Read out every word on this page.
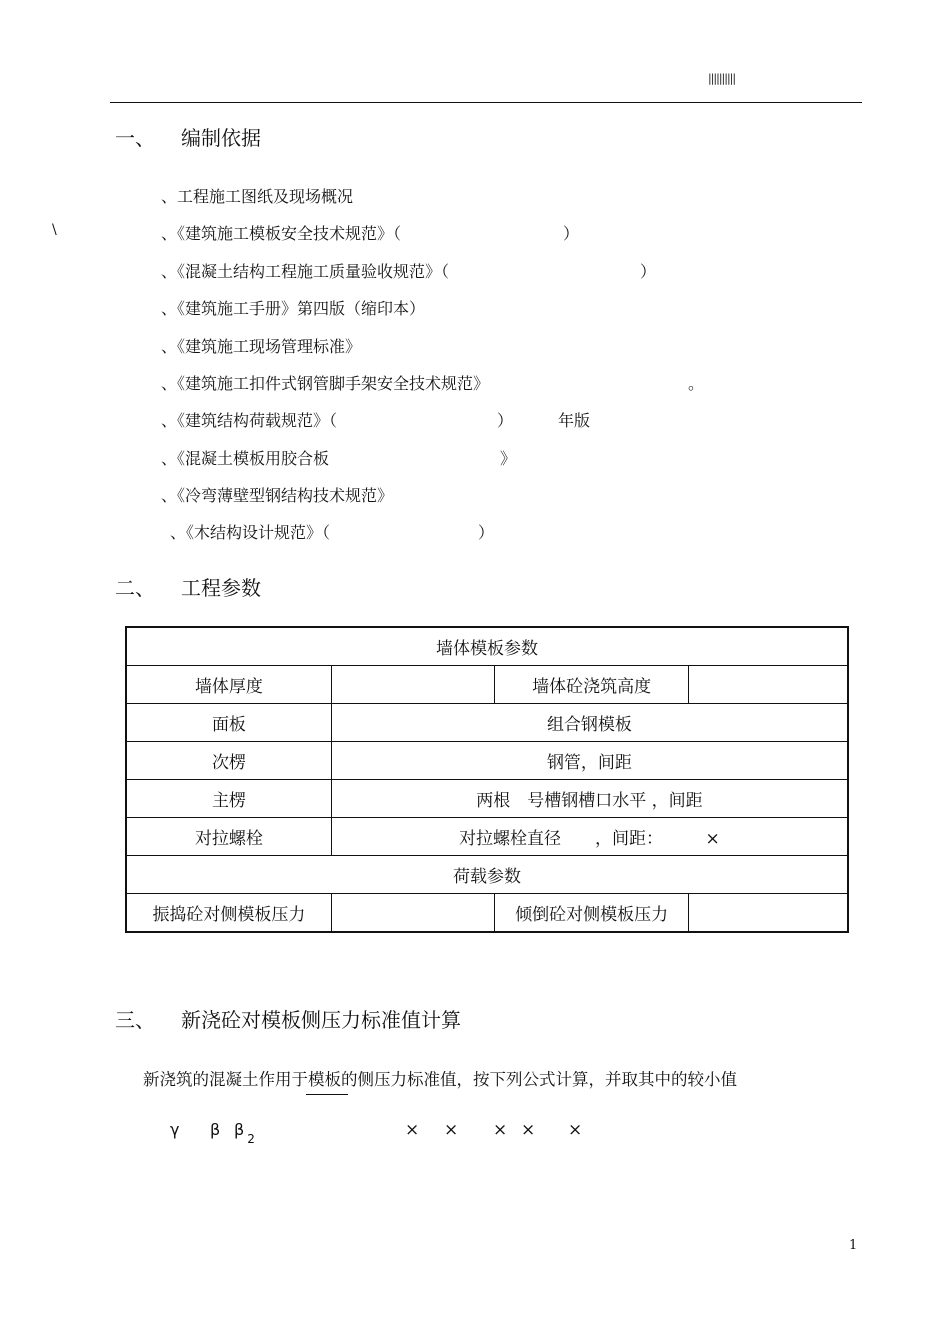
||||||||||
一、 编制依据
\
、工程施工图纸及现场概况
、《建筑施工模板安全技术规范》（	）
、《混凝土结构工程施工质量验收规范》（	）
、《建筑施工手册》第四版（缩印本）
、《建筑施工现场管理标准》
、《建筑施工扣件式钢管脚手架安全技术规范》	。
、《建筑结构荷载规范》（	）	年版
、《混凝土模板用胶合板	》
、《冷弯薄壁型钢结构技术规范》
、《木结构设计规范》（	）
二、 工程参数
墙体模板参数			
墙体厚度		墙体砼浇筑高度	
面板	组合钢模板		
次楞	钢管，间距		
主楞	两根　号槽钢槽口水平 ，间距		
对拉螺栓	对拉螺栓直径　　，间距：　　　×		
荷载参数			
振捣砼对侧模板压力		倾倒砼对侧模板压力	
三、 新浇砼对模板侧压力标准值计算
新浇筑的混凝土作用于模板的侧压力标准值，按下列公式计算，并取其中的较小值
γ β β 2	× × × × ×
1
